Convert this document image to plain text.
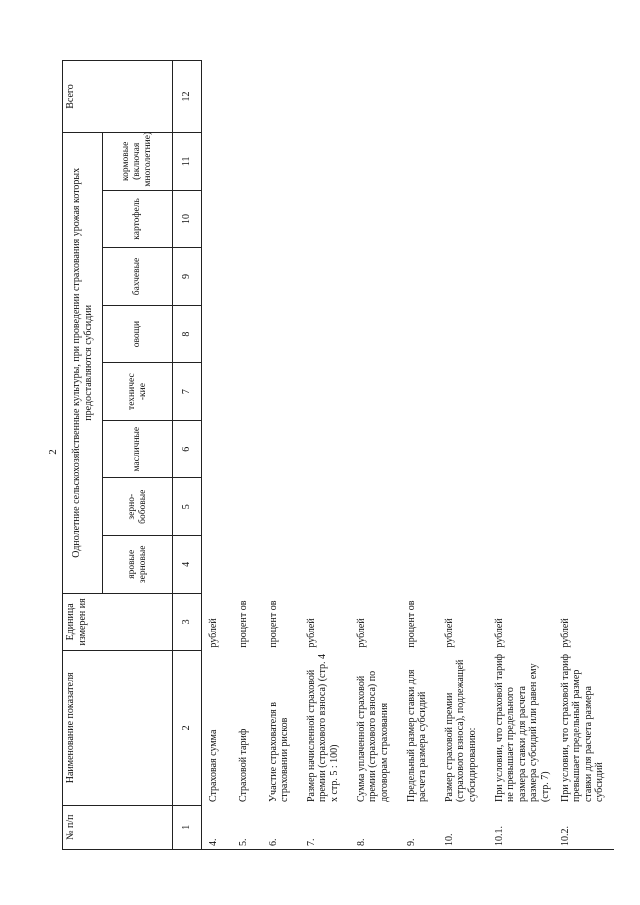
2
№ п/п	Наименование показателя	Единица измерен ия	Однолетние сельскохозяйственные культуры, при проведении страхования урожая которых предоставляются субсидии								Всего
			яровые зерновые	зерно-бобовые	масличные	техничес -кие	овощи	бахчевые	картофель	кормовые (включая многолетние)	
1	2	3	4	5	6	7	8	9	10	11	12
4.	Страховая сумма	рублей									
5.	Страховой тариф	процент ов									
6.	Участие страхователя в страховании рисков	процент ов									
7.	Размер начисленной страховой премии (страхового взноса) (стр. 4 х стр. 5 : 100)	рублей									
8.	Сумма уплаченной страховой премии (страхового взноса) по договорам страхования	рублей									
9.	Предельный размер ставки для расчета размера субсидий	процент ов									
10.	Размер страховой премии (страхового взноса), подлежащей субсидированию:	рублей									
10.1.	При условии, что страховой тариф не превышает предельного размера ставки для расчета размера субсидий или равен ему (стр. 7)	рублей									
10.2.	При условии, что страховой тариф превышает предельный размер ставки для расчета размера субсидий	рублей									
